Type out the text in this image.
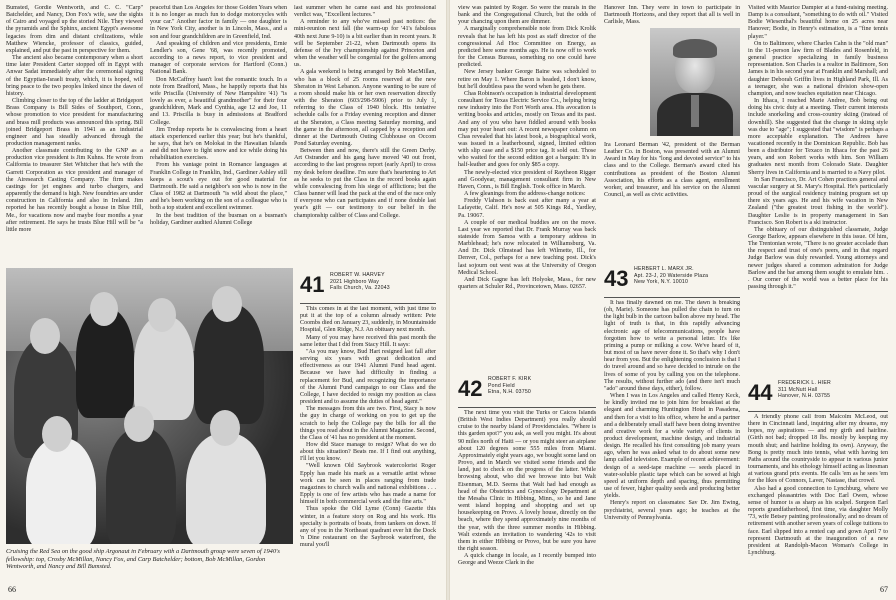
Bumsted, Gordie Wentworth, and C. C. "Carp" Batchelder, and Nancy, Don Fox's wife, saw the sights of Cairo and voyaged up the storied Nile. They viewed the pyramids and the Sphinx, ancient Egypt's awesome legacies from dim and distant civilizations, while Matthew Wiencke, professor of classics, guided, explained, and put the past in perspective for them.

The ancient also became contemporary when a short time later President Carter stopped off in Egypt with Anwar Sadat immediately after the ceremonial signing of the Egyptian-Israeli treaty, which, it is hoped, will bring peace to the two peoples linked since the dawn of history.

Climbing closer to the top of the ladder at Bridgeport Brass Company is Bill Sides of Southport, Conn., whose promotion to vice president for manufacturing and brass mill products was announced this spring. Bill joined Bridgeport Brass in 1941 as an industrial engineer and has steadily advanced through the production management ranks.

Another classmate contributing to the GNP as a production vice president is Jim Kuhns. He wrote from California to treasurer Stet Whitcher that he's with the Garrett Corporation as vice president and manager of the Airesearch Casting Company. The firm makes castings for jet engines and turbo chargers, and apparently the demand is high. New foundries are under construction in California and also in Ireland. Jim reported he has recently bought a house in Blue Hill, Me., for vacations now and maybe four months a year after retirement. He says he trusts Blue Hill will be "a little more

peaceful than Los Angeles for those Golden Years when it is no longer as much fun to dodge motorcycles with your car." Another factor in family — one daughter is in New York City, another is in Lincoln, Mass., and a son and four grandchildren are in Greenfield, Ind.

And speaking of children and vice presidents, Ernie Lendler's son, Gene '68, was recently promoted, according to a news report, to vice president and manager of corporate services for Hartford (Conn.) National Bank.

Don McCaffrey hasn't lost the romantic touch. In a note from Bradford, Mass., he happily reports that his wife Priscilla (University of New Hampshire '41) "is lovely as ever, a beautiful grandmother" for their four grandchildren, Mark and Cynthia, age 12 and Joe, 11 and 13. Priscilla is busy in admissions at Bradford College.

Jim Tredup reports he is convalescing from a heart attack experienced earlier this year; but he's thankful, he says, that he's on Molokai in the Hawaiian Islands and did not have to fight snow and ice while doing his rehabilitation exercises.

From his vantage point in Romance languages at Franklin College in Franklin, Ind., Gardiner Ashley still keeps a scout's eye out for good material for Dartmouth. He said a neighbor's son who is now in the Class of 1982 at Dartmouth "is wild about the place," and he's been working on the son of a colleague who is both a top student and excellent swimmer.

In the best tradition of the busman on a busman's holiday, Gardiner audited Alumni College

last summer when he came east and his professional verdict was, "Excellent lectures."

A reminder to any who've missed past notices: the mini-reunion next fall (the warm-up for '41's fabulous 40th next June 9-10) is a bit earlier than in recent years. It will be September 21-22, when Dartmouth opens its defense of the Ivy championship against Princeton and when the weather will be congenial for the golfers among us.

A gala weekend is being arranged by Bob MacMillan, who has a block of 25 rooms reserved at the new Sheraton in West Lebanon. Anyone wanting to be sure of a room should make his or her own reservation directly with the Sheraton (603/298-5906) prior to July 1, referring to the Class of 1940 block. His tentative schedule calls for a Friday evening reception and dinner at the Sheraton, a Class meeting Saturday morning, and the game in the afternoon, all capped by a reception and dinner at the Dartmouth Outing Clubhouse on Occom Pond Saturday evening.

Between then and now, there's still the Green Derby. Art Ostrander and his gang have moved '40 out front, according to the last progress report (early April) to cross my desk before deadline. I'm sure that's heartening to Art as he seeks to put the Class in the record books again while convalescing from his siege of afflictions; but the Class banner will lead the pack at the end of the race only if everyone who can participates and if none double last year's gift — our testimony to our belief in the championship caliber of Class and College.

Cruising the Red Sea on the good ship Argonaut in February with a Dartmouth group were seven of 1940's fellowship: top, Crosby McMillan, Nancy Fox, and Carp Batchelder; bottom, Bob McMillan, Gordon Wentworth, and Nancy and Bill Bumsted.
41 ROBERT W. HARVEY
2021 Highboro Way
Falls Church, Va. 22043

This comes in at the last moment, with just time to put it at the top of a column already written: Pete Coombs died on January 23, suddenly, in Mountainside Hospital, Glen Ridge, N.J. An obituary next month.

Many of you may have received this past month the same letter that I did from Stacy Hill. It says:

"As you may know, Bud Hart resigned last fall after serving six years with great dedication and effectiveness as our 1941 Alumni Fund head agent. Because we have had difficulty in finding a replacement for Bud, and recognizing the importance of the Alumni Fund campaign to our Class and the College, I have decided to resign my position as class president and to assume the duties of head agent."

The messages from this are two. First, Stacy is now the guy in charge of working on you to get up the scratch to help the College pay the bills for all the things you read about in the Alumni Magazine. Second, the Class of '41 has no president at the moment.

How did Stace manage to resign? What do we do about this situation? Beats me. If I find out anything, I'll let you know.

"Well known Old Saybrook watercolorist Roger Epply has made his mark as a versatile artist whose work can be seen in places ranging from trade magazines to church walls and national exhibitions . . . Epply is one of few artists who has made a name for himself in both commercial work and the fine arts."

Thus spoke the Old Lyme (Conn) Gazette this winter, in a feature story on Rog and his work. His specialty is portraits of boats, from tankers on down. If any of you in the Northeast quadrant ever hit the Dock 'n Dine restaurant on the Saybrook waterfront, the mural you'll

66

view was painted by Roger. So were the murals in the bank and the Congregational Church, but the odds of your chancing upon them are dimmer.

A marginally comprehensible note from Dick Krolik reveals that he has left his post as staff director of the congressional Ad Hoc Committee on Energy, as predicted here some months ago. He is now off to work for the Census Bureau, something no one could have predicted.

New Jersey banker George Baine was scheduled to retire on May 1. Where Baron is headed, I don't know, but he'll doubtless pass the word when he gets there.

Chas Robinson's occupation is industrial development consultant for Texas Electric Service Co., helping bring new industry into the Fort Worth area. His avocation is writing books and articles, mostly on Texas and its past. And any of you who have fiddled around with books may put your heart out: A recent newspaper column on Chas revealed that his latest book, a biographical work, was issued in a leatherbound, signed, limited edition with slip case and a $150 price tag. It sold out. Those who waited for the second edition got a bargain: It's in half-leather and goes for only $85 a copy.

The newly-elected vice president of Raytheon Rigger and Goodyear, management consultant firm in New Haven, Conn., is Bill English. Took office in March.

A few gleanings from the address-change notices:

Freddy Vlahson is back east after many a year at Lafayette, Calif. He's now at 505 Kings Rd., Yardley, Pa. 19067.

A couple of our medical buddies are on the move. Last year we reported that Dr. Frank Murray was back stateside from Samoa with a temporary address in Marblehead; he's now relocated in Williamsburg, Va. And Dr. Dick Olmstead has left Wilmette, Ill., for Denver, Col., perhaps for a new teaching post. Dick's last sojourn out west was at the University of Oregon Medical School.

And Dick Gagne has left Holyoke, Mass., for new quarters at Schuler Rd., Provincetown, Mass. 02657.

42 ROBERT F. KIRK
Pond Field
Etna, N.H. 03750

The next time you visit the Turks or Caicos Islands (British West Indies Department) you really should cruise to the nearby island of Providenciales. "Where is this garden spot?" you ask, as well you might. It's about 90 miles north of Haiti — or you might steer an airplane about 120 degrees some 555 miles from Miami. Approximately eight years ago, we bought some land on Provo, and in March we visited some friends and the land, just to check on the progress of the latter. While browsing about, who did we browse into but Walt Eisenman, M.D. Seems that Walt had had enough as head of the Obstetrics and Gynecology Department at the Mesaba Clinic in Hibbing, Minn., so he and Jane went island hopping and shopping and set up housekeeping on Provo. A lovely house, directly on the beach, where they spend approximately nine months of the year, with the three summer months in Hibbing. Walt extends an invitation to wandering '42s to visit them in either Hibbing or Provo, but be sure you have the right season.

A quick change in locale, as I recently bumped into George and Weeze Clark in the

Hanover Inn. They were in town to participate in Dartmouth Horizons, and they report that all is well in Carlisle, Mass.

Ira Leonard Berman '42, president of the Berman Leather Co. in Boston, was presented with an Alumni Award in May for his "long and devoted service" to his class and to the College. Berman's award cited his contributions as president of the Boston Alumni Association, his efforts as a class agent, enrollment worker, and treasurer, and his service on the Alumni Council, as well as civic activities.

43 HERBERT L. MARX JR.
Apt. 23-J, 20 Waterside Plaza
New York, N.Y. 10010

It has finally dawned on me. The dawn is breaking (oh, Marie). Someone has pulled the chain to turn on the light bulb in the cartoon ballon above my head. The light of truth is that, in this rapidly advancing electronic age of telecommunications, people have forgotten how to write a personal letter. It's like priming a pump or milking a cow. We've heard of it, but most of us have never done it. So that's why I don't hear from you. But the enlightening conclusion is that I do travel around and so have decided to intrude on the lives of some of you by calling you on the telephone. The results, without further ado (and there isn't much "ado" around these days, either), follow.

When I was in Los Angeles and called Henry Keck, he kindly invited me to join him for breakfast at the elegant and charming Huntington Hotel in Pasadena, and then for a visit to his office, where he and a partner and a deliberately small staff have been doing inventive and creative work for a wide variety of clients in product development, machine design, and industrial design. He recalled his first consulting job many years ago, when he was asked what to do about some new lamp called television. Example of recent achievement: design of a seed-tape machine — seeds placed in water-soluble plastic tape which can be sowed at high speed at uniform depth and spacing, thus permitting use of fewer, higher quality seeds and producing better yields.

Henry's report on classmates: Sav Dr. Jim Ewing, psychiatrist, several years ago; he teaches at the University of Pennsylvania.

Visited with Maurice Dampier at a fund-raising meeting. Damp is a consultant, "something to do with oil." Visited Bodie Wiesenthal's beautiful home on 25 acres near Hanover; Bodie, in Henry's estimation, is a "fine tennis player."

On to Baltimore, where Charles Cahn is the "old man" in the 11-person law firm of Blades and Rosenfeld, in general practice specializing in family business representation. Son Charles is a realtor in Baltimore, Son James is in his second year at Franklin and Marshall; and daughter Deborah Griffin lives in Highland Park, Ill. As a teenager, she was a national division show-open champion, and now teaches equitation near Chicago.

In Ithaca, I reached Marie Andree, Bob being out doing his civic duty at a meeting. Their current interests include snorkeling and cross-country skiing (instead of downhill). She suggested that the change in skiing style was due to "age"; I suggested that "wisdom" is perhaps a more acceptable explanation. The Andrees have vacationed recently in the Dominican Republic. Bob has been a distributor for Texaco in Ithaca for the past 26 years, and son Robert works with him. Son William graduates next month from Colorado State. Daughter Sherry lives in California and is married to a Navy pilot.

In San Francisco, Dr. Art Cohen practices general and vascular surgery at St. Mary's Hospital. He's particularly proud of the surgical residency training program set up there six years ago. He and his wife vacation in New Zealand ("the greatest trout fishing in the world"). Daughter Leslie is in property management in San Francisco. Son Robert is a ski instructor.

The obituary of our distinguished classmate, Judge George Barlow, appears elsewhere in this issue. Of him, The Trentonian wrote, "There is no greater accolade than the respect and trust of one's peers, and in that regard Judge Barlow was duly rewarded. Young attorneys and newer judges shared a common admiration for Judge Barlow and the bar among them sought to emulate him. . . Our corner of the world was a better place for his passing through it."

44 FREDERICK L. HIER
311 McNutt Hall
Hanover, N.H. 03755

A friendly phone call from Malcolm McLeod, out there in Cincinnati land, inquiring after my dreams, my hopes, my aspirations — and my girth and hairline. (Girth not bad; dropped 18 lbs. mostly by keeping my mouth shut; and hairline holding its own). Anyway, the Bong is pretty much into tennis, what with having ten Paths around the countryside to appear in various junior tournaments, and his ethology himself acting as linesman at various grand prix events. He calls 'em as he sees 'em for the likes of Connors, Laver, Nastase, that crowd.

Also had a good connection to Lynchburg, where we exchanged pleasantries with Doc Earl Owen, whose sense of humor is as sharp as his scalpel. Surgeon Earl reports grandfatherhood, first time, via daughter Molly '73, wife Betsey painting professionally; and no dream of retirement with another seven years of college tuitions to face. Earl slipped into a rented cap and gown April 7 to represent Dartmouth at the inauguration of a new president at Randolph-Macon Woman's College in Lynchburg.

67
